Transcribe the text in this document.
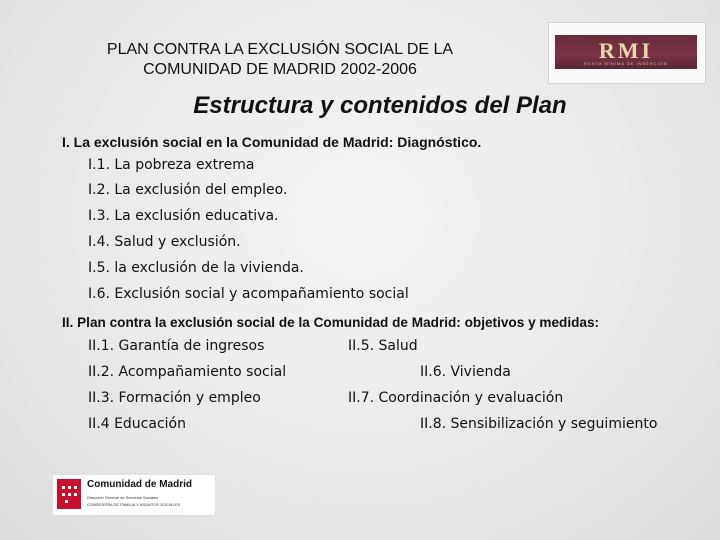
PLAN CONTRA LA EXCLUSIÓN SOCIAL DE LA
COMUNIDAD DE MADRID 2002-2006
RMI
RENTA MÍNIMA DE INSERCIÓN
Estructura y contenidos del Plan
I. La exclusión social en la Comunidad de Madrid: Diagnóstico.
I.1. La pobreza extrema
I.2. La exclusión del empleo.
I.3. La exclusión educativa.
I.4. Salud y exclusión.
I.5. la exclusión de la vivienda.
I.6. Exclusión social y acompañamiento social
II. Plan contra la exclusión social de la Comunidad de Madrid: objetivos y medidas:
II.1. Garantía de ingresos
II.2. Acompañamiento social
II.3. Formación y empleo
II.4 Educación
II.5. Salud
II.6. Vivienda
II.7. Coordinación y evaluación
II.8. Sensibilización y seguimiento
Comunidad de Madrid
Dirección General de Servicios Sociales
CONSEJERÍA DE FAMILIA Y ASUNTOS SOCIALES
